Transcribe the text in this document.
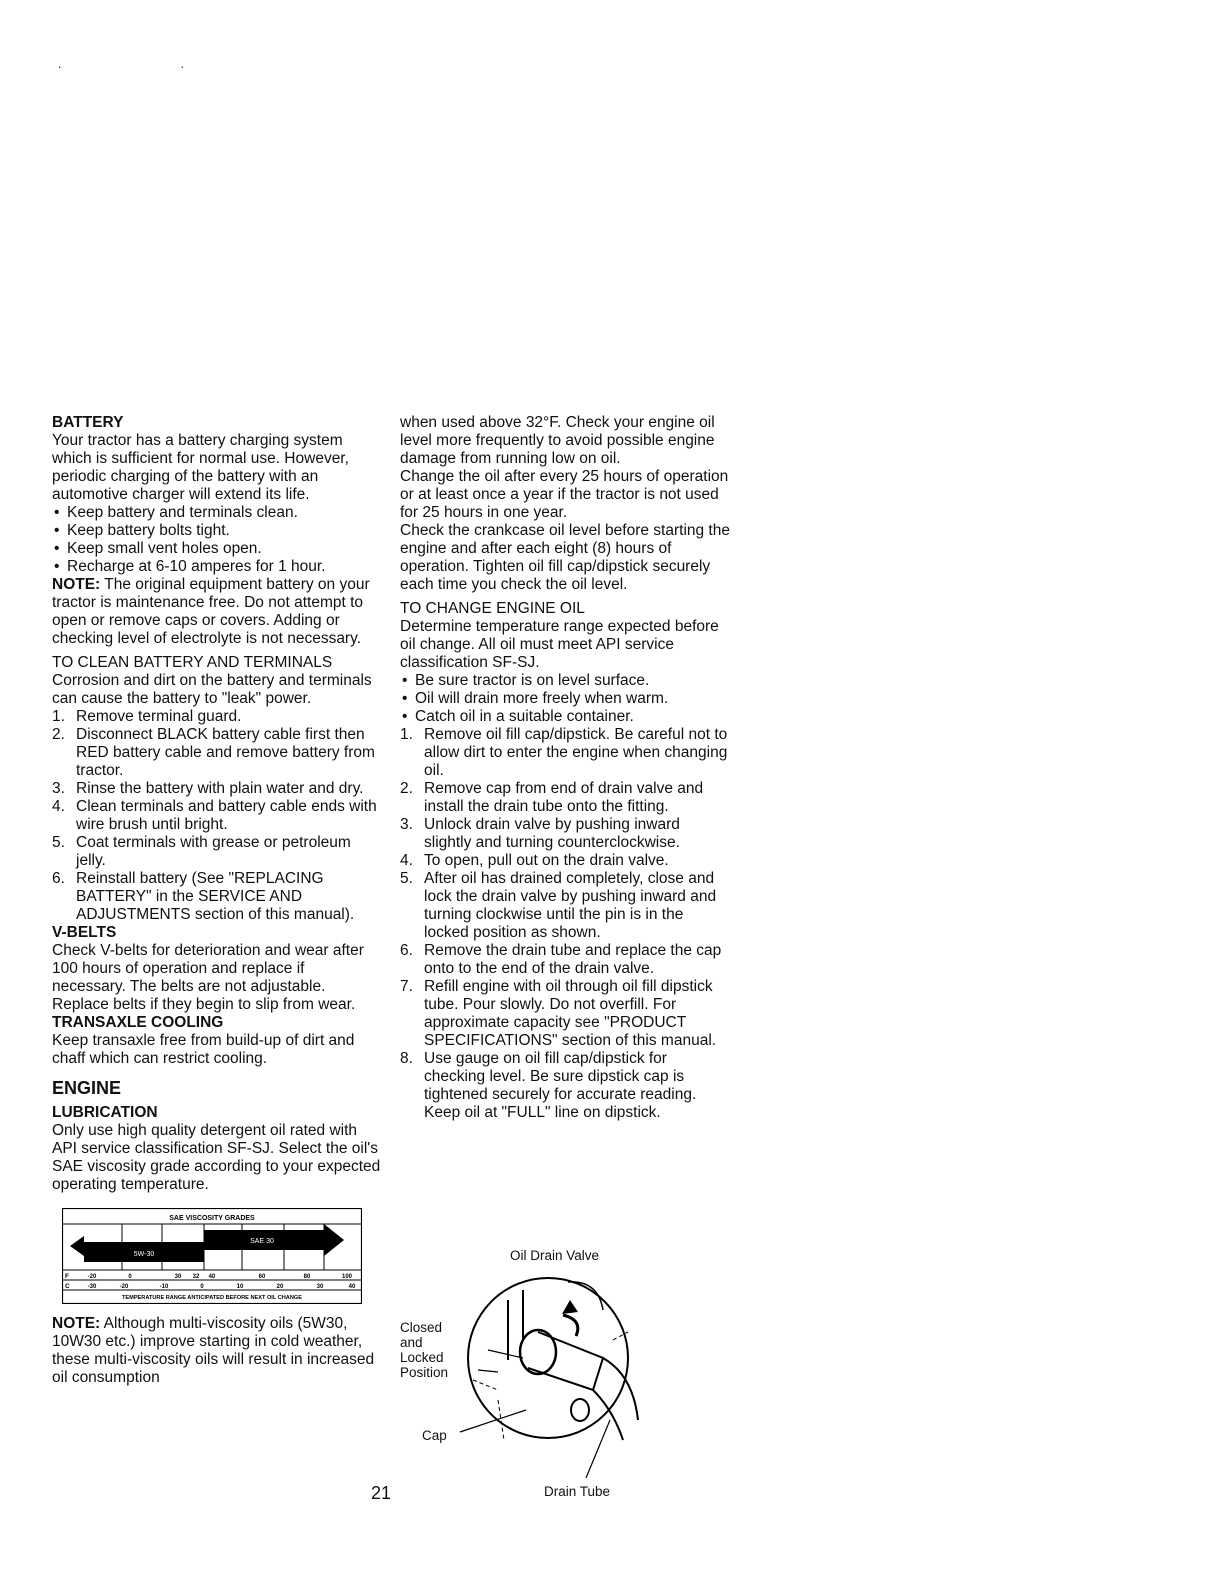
. .
BATTERY

Your tractor has a battery charging system which is sufficient for normal use. However, periodic charging of the battery with an automotive charger will extend its life.

• Keep battery and terminals clean.
• Keep battery bolts tight.
• Keep small vent holes open.
• Recharge at 6-10 amperes for 1 hour.

NOTE: The original equipment battery on your tractor is maintenance free. Do not attempt to open or remove caps or covers. Adding or checking level of electrolyte is not necessary.

TO CLEAN BATTERY AND TERMINALS

Corrosion and dirt on the battery and terminals can cause the battery to "leak" power.

1. Remove terminal guard.
2. Disconnect BLACK battery cable first then RED battery cable and remove battery from tractor.
3. Rinse the battery with plain water and dry.
4. Clean terminals and battery cable ends with wire brush until bright.
5. Coat terminals with grease or petroleum jelly.
6. Reinstall battery (See "REPLACING BATTERY" in the SERVICE AND ADJUSTMENTS section of this manual).
V-BELTS

Check V-belts for deterioration and wear after 100 hours of operation and replace if necessary. The belts are not adjustable. Replace belts if they begin to slip from wear.

TRANSAXLE COOLING

Keep transaxle free from build-up of dirt and chaff which can restrict cooling.

ENGINE
LUBRICATION

Only use high quality detergent oil rated with API service classification SF-SJ. Select the oil's SAE viscosity grade according to your expected operating temperature.

SAE VISCOSITY GRADES
5W-30
SAE 30
F	-20	0	30 32 40	60	80	100
C	-30	-20	-10	0	10	20	30	40
TEMPERATURE RANGE ANTICIPATED BEFORE NEXT OIL CHANGE

NOTE: Although multi-viscosity oils (5W30, 10W30 etc.) improve starting in cold weather, these multi-viscosity oils will result in increased oil consumption

when used above 32°F. Check your engine oil level more frequently to avoid possible engine damage from running low on oil.

Change the oil after every 25 hours of operation or at least once a year if the tractor is not used for 25 hours in one year.

Check the crankcase oil level before starting the engine and after each eight (8) hours of operation. Tighten oil fill cap/dipstick securely each time you check the oil level.

TO CHANGE ENGINE OIL

Determine temperature range expected before oil change. All oil must meet API service classification SF-SJ.

• Be sure tractor is on level surface.
• Oil will drain more freely when warm.
• Catch oil in a suitable container.
1. Remove oil fill cap/dipstick. Be careful not to allow dirt to enter the engine when changing oil.
2. Remove cap from end of drain valve and install the drain tube onto the fitting.
3. Unlock drain valve by pushing inward slightly and turning counterclockwise.
4. To open, pull out on the drain valve.
5. After oil has drained completely, close and lock the drain valve by pushing inward and turning clockwise until the pin is in the locked position as shown.
6. Remove the drain tube and replace the cap onto to the end of the drain valve.
7. Refill engine with oil through oil fill dipstick tube. Pour slowly. Do not overfill. For approximate capacity see "PRODUCT SPECIFICATIONS" section of this manual.
8. Use gauge on oil fill cap/dipstick for checking level. Be sure dipstick cap is tightened securely for accurate reading. Keep oil at "FULL" line on dipstick.
Oil Drain Valve
Closed and Locked Position
Cap
Drain Tube
21
